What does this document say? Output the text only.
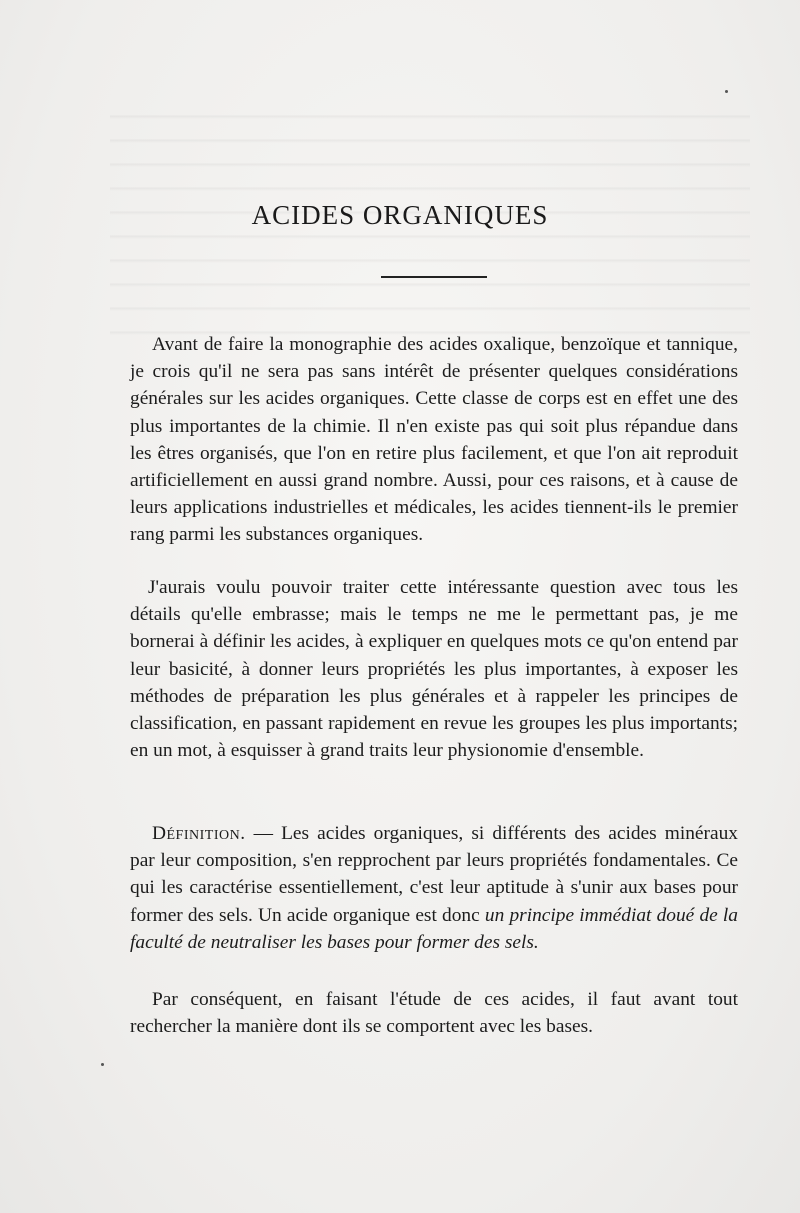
ACIDES ORGANIQUES
Avant de faire la monographie des acides oxalique, benzoïque et tannique, je crois qu'il ne sera pas sans intérêt de présenter quelques considérations générales sur les acides organiques. Cette classe de corps est en effet une des plus importantes de la chimie. Il n'en existe pas qui soit plus répandue dans les êtres organisés, que l'on en retire plus facilement, et que l'on ait reproduit artificiellement en aussi grand nombre. Aussi, pour ces raisons, et à cause de leurs applications industrielles et médicales, les acides tiennent-ils le premier rang parmi les substances organiques.
J'aurais voulu pouvoir traiter cette intéressante question avec tous les détails qu'elle embrasse; mais le temps ne me le permettant pas, je me bornerai à définir les acides, à expliquer en quelques mots ce qu'on entend par leur basicité, à donner leurs propriétés les plus importantes, à exposer les méthodes de préparation les plus générales et à rappeler les principes de classification, en passant rapidement en revue les groupes les plus importants; en un mot, à esquisser à grand traits leur physionomie d'ensemble.
Définition. — Les acides organiques, si différents des acides minéraux par leur composition, s'en repprochent par leurs propriétés fondamentales. Ce qui les caractérise essentiellement, c'est leur aptitude à s'unir aux bases pour former des sels. Un acide organique est donc un principe immédiat doué de la faculté de neutraliser les bases pour former des sels.
Par conséquent, en faisant l'étude de ces acides, il faut avant tout rechercher la manière dont ils se comportent avec les bases.
